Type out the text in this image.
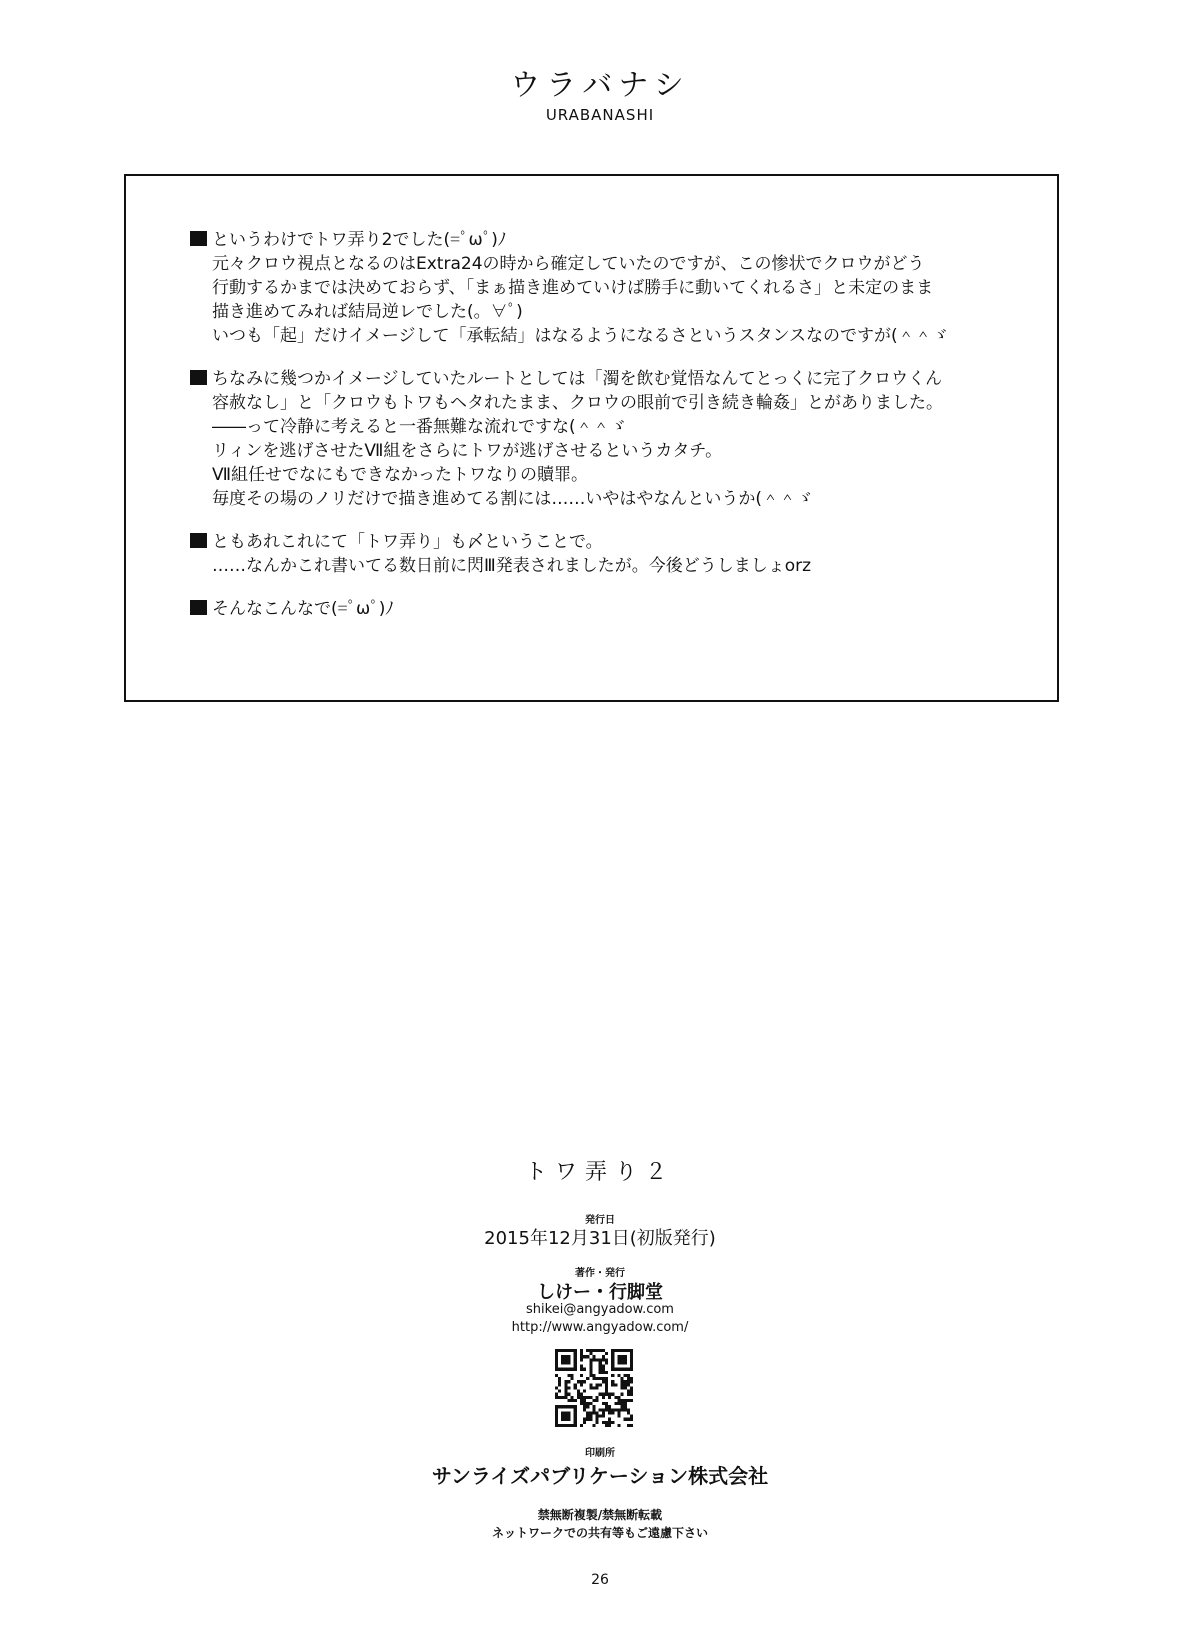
ウラバナシ
URABANASHI
というわけでトワ弄り2でした(=ﾟωﾟ)ﾉ
元々クロウ視点となるのはExtra24の時から確定していたのですが、この惨状でクロウがどう
行動するかまでは決めておらず、「まぁ描き進めていけば勝手に動いてくれるさ」と未定のまま
描き進めてみれば結局逆レでした(。∀ﾟ)
いつも「起」だけイメージして「承転結」はなるようになるさというスタンスなのですが(＾＾ゞ
ちなみに幾つかイメージしていたルートとしては「濁を飲む覚悟なんてとっくに完了クロウくん
容赦なし」と「クロウもトワもヘタれたまま、クロウの眼前で引き続き輪姦」とがありました。
――って冷静に考えると一番無難な流れですな(＾＾ゞ
リィンを逃げさせたⅦ組をさらにトワが逃げさせるというカタチ。
Ⅶ組任せでなにもできなかったトワなりの贖罪。
毎度その場のノリだけで描き進めてる割には……いやはやなんというか(＾＾ゞ
ともあれこれにて「トワ弄り」も〆ということで。
……なんかこれ書いてる数日前に閃Ⅲ発表されましたが。今後どうしましょorz
そんなこんなで(=ﾟωﾟ)ﾉ
トワ弄り２
発行日
2015年12月31日(初版発行)
著作・発行
しけー・行脚堂
shikei@angyadow.com
http://www.angyadow.com/
印刷所
サンライズパブリケーション株式会社
禁無断複製/禁無断転載
ネットワークでの共有等もご遠慮下さい
26
